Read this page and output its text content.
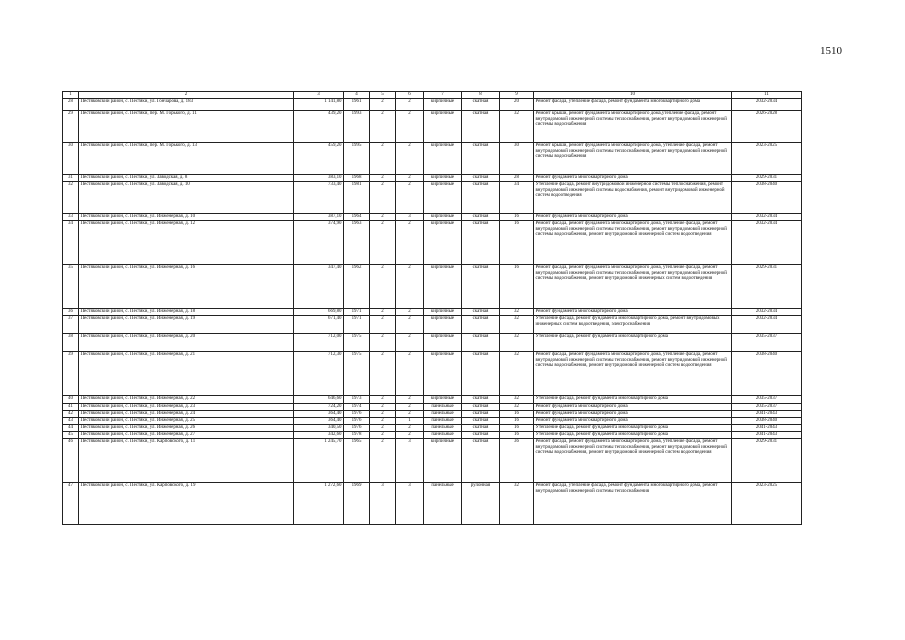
1510
1	2	3	4	5	6	7	8	9	10	11
28	Пестяковский район, с. Пестяки, ул. Гончарова, д. 183	1 141,80	1961	2	2	кирпичные	скатная	20	Ремонт фасада, утепление фасада, ремонт фундамента многоквартирного дома	2032-2034
29	Пестяковский район, с. Пестяки, пер. М. Горького, д. 11	439,20	1993	2	2	кирпичные	скатная	32	Ремонт крыши, ремонт фундамента многоквартирного дома,утепление фасада, ремонт внутридомовой инженерной системы теплоснабжения, ремонт внутридомовой инженерной системы водоснабжения	2026-2028
30	Пестяковский район, с. Пестяки, пер. М. Горького, д. 13	459,20	1995	2	2	кирпичные	скатная	30	Ремонт крыши, ремонт фундамента многоквартирного дома, утепление фасада, ремонт внутридомовой инженерной системы теплоснабжения, ремонт внутридомовой инженерной системы водоснабжения	2023-2025
31	Пестяковский район, с. Пестяки, ул. Заводская, д. 8	383,10	1968	2	2	кирпичные	скатная	28	Ремонт фундамента многоквартирного дома	2029-2031
32	Пестяковский район, с. Пестяки, ул. Заводская, д. 10	733,40	1981	2	2	кирпичные	скатная	34	Утепление фасада, ремонт внутридомовой инженерной системы теплоснабжения, ремонт внутридомовой инженерной системы водоснабжения, ремонт внутридомовой инженерной систем водоотведения	2038-2040
33	Пестяковский район, с. Пестяки, ул. Инженерная, д. 10	387,10	1964	2	3	кирпичные	скатная	16	Ремонт фундамента многоквартирного дома	2032-2034
34	Пестяковский район, с. Пестяки, ул. Инженерная, д. 12	374,90	1963	2	2	кирпичные	скатная	16	Ремонт фасада, ремонт фундамента многоквартирного дома, утепление фасада, ремонт внутридомовой инженерной системы теплоснабжения, ремонт внутридомовой инженерной системы водоснабжения, ремонт внутридомовой инженерной систем водоотведения	2032-2034
35	Пестяковский район, с. Пестяки, ул. Инженерная, д. 16	347,40	1962	2	2	кирпичные	скатная	16	Ремонт фасада, ремонт фундамента многоквартирного дома, утепление фасада, ремонт внутридомовой инженерной системы теплоснабжения, ремонт внутридомовой инженерной системы водоснабжения, ремонт внутридомовой инженерных систем водоотведения	2029-2031
36	Пестяковский район, с. Пестяки, ул. Инженерная, д. 18	669,80	1971	2	2	кирпичные	скатная	32	Ремонт фундамента многоквартирного дома	2032-2034
37	Пестяковский район, с. Пестяки, ул. Инженерная, д. 19	671,40	1971	2	2	кирпичные	скатная	32	Утепление фасада, ремонт фундамента многоквартирного дома, ремонт внутридомовых инженерных систем водоотведения, электроснабжения	2032-2034
38	Пестяковский район, с. Пестяки, ул. Инженерная, д. 20	712,00	1975	2	2	кирпичные	скатная	32	Утепление фасада, ремонт фундамента многоквартирного дома	2035-2037
39	Пестяковский район, с. Пестяки, ул. Инженерная, д. 21	712,30	1975	2	2	кирпичные	скатная	32	Ремонт фасада, ремонт фундамента многоквартирного дома, утепление фасада, ремонт внутридомовой инженерной системы теплоснабжения, ремонт внутридомовой инженерной системы водоснабжения, ремонт внутридомовой инженерной систем водоотведения	2038-2040
40	Пестяковский район, с. Пестяки, ул. Инженерная, д. 22	646,60	1973	2	2	кирпичные	скатная	32	Утепление фасада, ремонт фундамента многоквартирного дома	2035-2037
41	Пестяковский район, с. Пестяки, ул. Инженерная, д. 23	724,20	1974	2	2	панельные	скатная	32	Ремонт фундамента многоквартирного дома	2035-2037
42	Пестяковский район, с. Пестяки, ул. Инженерная, д. 24	364,40	1976	2	2	панельные	скатная	16	Ремонт фундамента многоквартирного дома	2041-2043
43	Пестяковский район, с. Пестяки, ул. Инженерная, д. 25	364,40	1976	2	1	панельные	скатная	16	Ремонт фундамента многоквартирного дома	2038-2040
44	Пестяковский район, с. Пестяки, ул. Инженерная, д. 26	340,50	1976	2	2	панельные	скатная	16	Утепление фасада, ремонт фундамента многоквартирного дома	2041-2043
45	Пестяковский район, с. Пестяки, ул. Инженерная, д. 27	342,60	1978	2	2	панельные	скатная	16	Утепление фасада, ремонт фундамента многоквартирного дома	2041-2043
46	Пестяковский район, с. Пестяки, ул. Карповского, д. 11	1 245,70	1965	2	3	кирпичные	скатная	36	Ремонт фасада, ремонт фундамента многоквартирного дома, утепление фасада, ремонт внутридомовой инженерной системы теплоснабжения, ремонт внутридомовой инженерной системы водоснабжения, ремонт внутридомовой инженерной систем водоотведения	2029-2031
47	Пестяковский район, с. Пестяки, ул. Карповского, д. 19	1 272,60	1969	3	3	панельные	рулонная	32	Ремонт фасада, утепление фасада, ремонт фундамента многоквартирного дома, ремонт внутридомовой инженерной системы теплоснабжения	2023-2025
